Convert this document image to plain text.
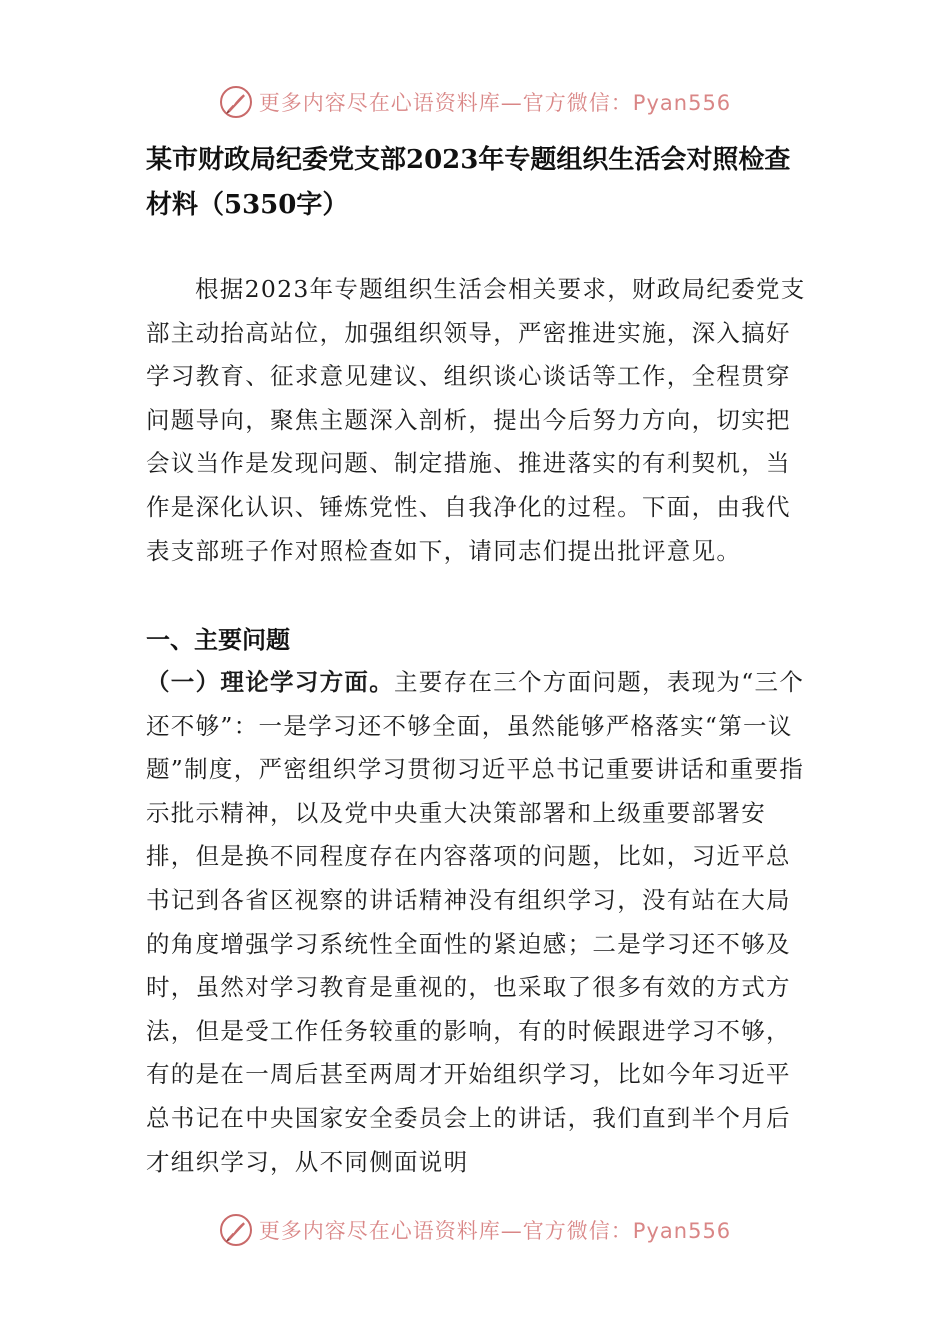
更多内容尽在心语资料库—官方微信：Pyan556
某市财政局纪委党支部2023年专题组织生活会对照检查材料（5350字）

根据2023年专题组织生活会相关要求，财政局纪委党支部主动抬高站位，加强组织领导，严密推进实施，深入搞好学习教育、征求意见建议、组织谈心谈话等工作，全程贯穿问题导向，聚焦主题深入剖析，提出今后努力方向，切实把会议当作是发现问题、制定措施、推进落实的有利契机，当作是深化认识、锤炼党性、自我净化的过程。下面，由我代表支部班子作对照检查如下，请同志们提出批评意见。

一、主要问题

（一）理论学习方面。主要存在三个方面问题，表现为“三个还不够”：一是学习还不够全面，虽然能够严格落实“第一议题”制度，严密组织学习贯彻习近平总书记重要讲话和重要指示批示精神，以及党中央重大决策部署和上级重要部署安排，但是换不同程度存在内容落项的问题，比如，习近平总书记到各省区视察的讲话精神没有组织学习，没有站在大局的角度增强学习系统性全面性的紧迫感；二是学习还不够及时，虽然对学习教育是重视的，也采取了很多有效的方式方法，但是受工作任务较重的影响，有的时候跟进学习不够，有的是在一周后甚至两周才开始组织学习，比如今年习近平总书记在中央国家安全委员会上的讲话，我们直到半个月后才组织学习，从不同侧面说明

更多内容尽在心语资料库—官方微信：Pyan556
